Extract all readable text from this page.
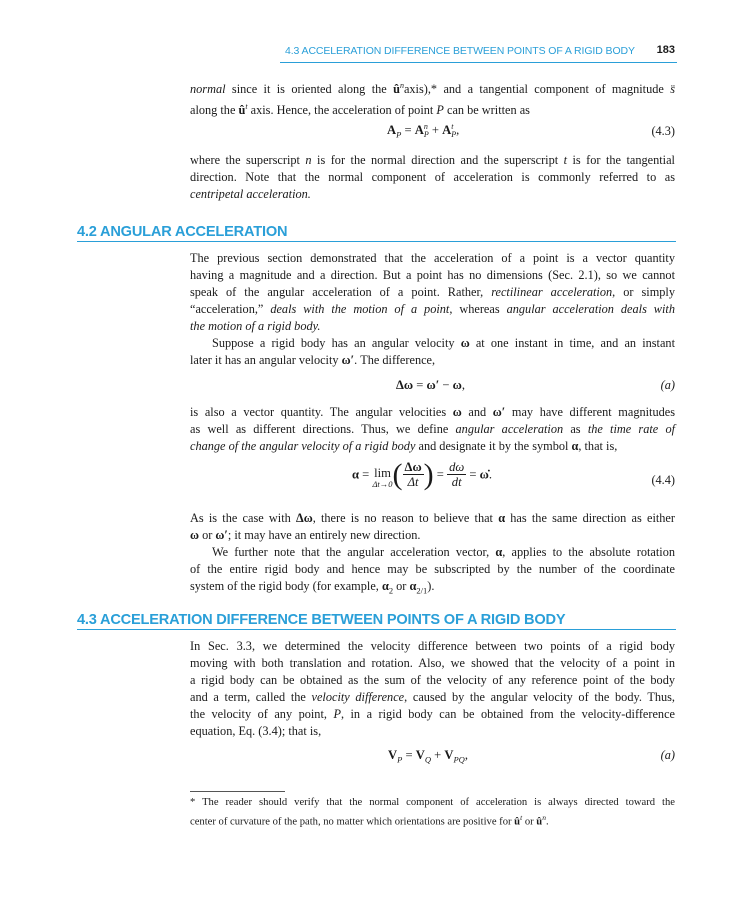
4.3 ACCELERATION DIFFERENCE BETWEEN POINTS OF A RIGID BODY 183
normal since it is oriented along the $û^naxis),*$ and a tangential component of magnitude s̈
along the $û^t$ axis. Hence, the acceleration of point P can be written as
$A_P = A$ n
P + A t
P ,	(4.3)
where the superscript n is for the normal direction and the superscript t is for the tangential
direction. Note that the normal component of acceleration is commonly referred to as
centripetal acceleration.
4.2 ANGULAR ACCELERATION
The previous section demonstrated that the acceleration of a point is a vector quantity
having a magnitude and a direction. But a point has no dimensions (Sec. 2.1), so we cannot
speak of the angular acceleration of a point. Rather, rectilinear acceleration, or simply
“acceleration,” deals with the motion of a point, whereas angular acceleration deals with
the motion of a rigid body.
Suppose a rigid body has an angular velocity ω at one instant in time, and an instant
later it has an angular velocity ω′. The difference,
Δω = ω′ − ω,	(a)
is also a vector quantity. The angular velocities ω and ω′ may have different magnitudes
as well as different directions. Thus, we define angular acceleration as the time rate of
change of the angular velocity of a rigid body and designate it by the symbol α, that is,
α = lim
Δt→0 ( $\frac{\Delta\omega}{\Delta t}$ ) = $\frac{d\omega}{dt}$ = ω̇.	(4.4)
As is the case with Δω, there is no reason to believe that α has the same direction as either
ω or ω′; it may have an entirely new direction.
We further note that the angular acceleration vector, α, applies to the absolute rotation
of the entire rigid body and hence may be subscripted by the number of the coordinate
system of the rigid body (for example, $\alpha_2$ or $\alpha_{2/1}$).
4.3 ACCELERATION DIFFERENCE BETWEEN POINTS OF A RIGID BODY
In Sec. 3.3, we determined the velocity difference between two points of a rigid body
moving with both translation and rotation. Also, we showed that the velocity of a point in
a rigid body can be obtained as the sum of the velocity of any reference point of the body
and a term, called the velocity difference, caused by the angular velocity of the body. Thus,
the velocity of any point, P, in a rigid body can be obtained from the velocity-difference
equation, Eq. (3.4); that is,
$V_P = V_Q + V_{PQ}$,	(a)
* The reader should verify that the normal component of acceleration is always directed toward the
center of curvature of the path, no matter which orientations are positive for $û^t$ or $û^n$.
